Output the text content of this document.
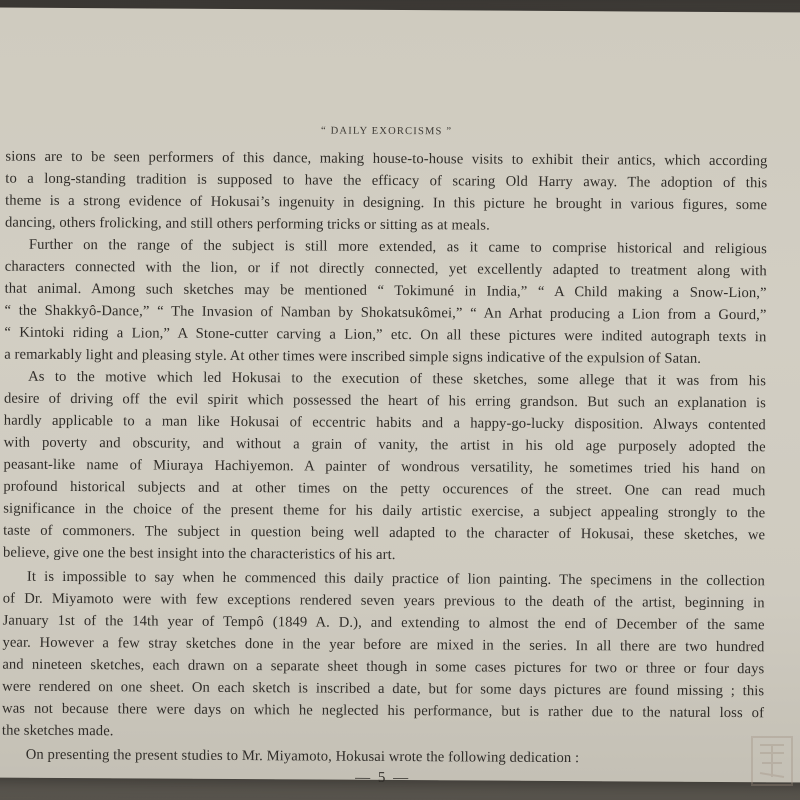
“ DAILY EXORCISMS ”
sions are to be seen performers of this dance, making house-to-house visits to exhibit their antics, which according
to a long-standing tradition is supposed to have the efficacy of scaring Old Harry away. The adoption of this
theme is a strong evidence of Hokusai’s ingenuity in designing. In this picture he brought in various figures, some
dancing, others frolicking, and still others performing tricks or sitting as at meals.
Further on the range of the subject is still more extended, as it came to comprise historical and religious
characters connected with the lion, or if not directly connected, yet excellently adapted to treatment along with
that animal. Among such sketches may be mentioned “ Tokimuné in India,” “ A Child making a Snow-Lion,”
“ the Shakkyô-Dance,” “ The Invasion of Namban by Shokatsukômei,” “ An Arhat producing a Lion from a Gourd,”
“ Kintoki riding a Lion,” A Stone-cutter carving a Lion,” etc. On all these pictures were indited autograph texts in
a remarkably light and pleasing style. At other times were inscribed simple signs indicative of the expulsion of Satan.
As to the motive which led Hokusai to the execution of these sketches, some allege that it was from his
desire of driving off the evil spirit which possessed the heart of his erring grandson. But such an explanation is
hardly applicable to a man like Hokusai of eccentric habits and a happy-go-lucky disposition. Always contented
with poverty and obscurity, and without a grain of vanity, the artist in his old age purposely adopted the
peasant-like name of Miuraya Hachiyemon. A painter of wondrous versatility, he sometimes tried his hand on
profound historical subjects and at other times on the petty occurences of the street. One can read much
significance in the choice of the present theme for his daily artistic exercise, a subject appealing strongly to the
taste of commoners. The subject in question being well adapted to the character of Hokusai, these sketches, we
believe, give one the best insight into the characteristics of his art.
It is impossible to say when he commenced this daily practice of lion painting. The specimens in the collection
of Dr. Miyamoto were with few exceptions rendered seven years previous to the death of the artist, beginning in
January 1st of the 14th year of Tempô (1849 A. D.), and extending to almost the end of December of the same
year. However a few stray sketches done in the year before are mixed in the series. In all there are two hundred
and nineteen sketches, each drawn on a separate sheet though in some cases pictures for two or three or four days
were rendered on one sheet. On each sketch is inscribed a date, but for some days pictures are found missing ; this
was not because there were days on which he neglected his performance, but is rather due to the natural loss of
the sketches made.
On presenting the present studies to Mr. Miyamoto, Hokusai wrote the following dedication :
— 5 —
